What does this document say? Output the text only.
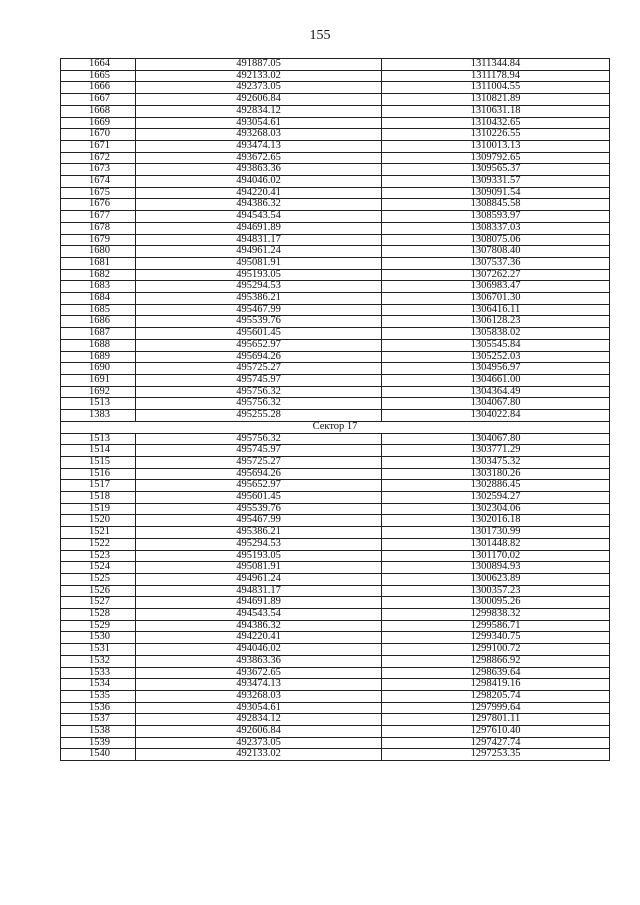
155
1664	491887.05	1311344.84
1665	492133.02	1311178.94
1666	492373.05	1311004.55
1667	492606.84	1310821.89
1668	492834.12	1310631.18
1669	493054.61	1310432.65
1670	493268.03	1310226.55
1671	493474.13	1310013.13
1672	493672.65	1309792.65
1673	493863.36	1309565.37
1674	494046.02	1309331.57
1675	494220.41	1309091.54
1676	494386.32	1308845.58
1677	494543.54	1308593.97
1678	494691.89	1308337.03
1679	494831.17	1308075.06
1680	494961.24	1307808.40
1681	495081.91	1307537.36
1682	495193.05	1307262.27
1683	495294.53	1306983.47
1684	495386.21	1306701.30
1685	495467.99	1306416.11
1686	495539.76	1306128.23
1687	495601.45	1305838.02
1688	495652.97	1305545.84
1689	495694.26	1305252.03
1690	495725.27	1304956.97
1691	495745.97	1304661.00
1692	495756.32	1304364.49
1513	495756.32	1304067.80
1383	495255.28	1304022.84
Сектор 17		
1513	495756.32	1304067.80
1514	495745.97	1303771.29
1515	495725.27	1303475.32
1516	495694.26	1303180.26
1517	495652.97	1302886.45
1518	495601.45	1302594.27
1519	495539.76	1302304.06
1520	495467.99	1302016.18
1521	495386.21	1301730.99
1522	495294.53	1301448.82
1523	495193.05	1301170.02
1524	495081.91	1300894.93
1525	494961.24	1300623.89
1526	494831.17	1300357.23
1527	494691.89	1300095.26
1528	494543.54	1299838.32
1529	494386.32	1299586.71
1530	494220.41	1299340.75
1531	494046.02	1299100.72
1532	493863.36	1298866.92
1533	493672.65	1298639.64
1534	493474.13	1298419.16
1535	493268.03	1298205.74
1536	493054.61	1297999.64
1537	492834.12	1297801.11
1538	492606.84	1297610.40
1539	492373.05	1297427.74
1540	492133.02	1297253.35
